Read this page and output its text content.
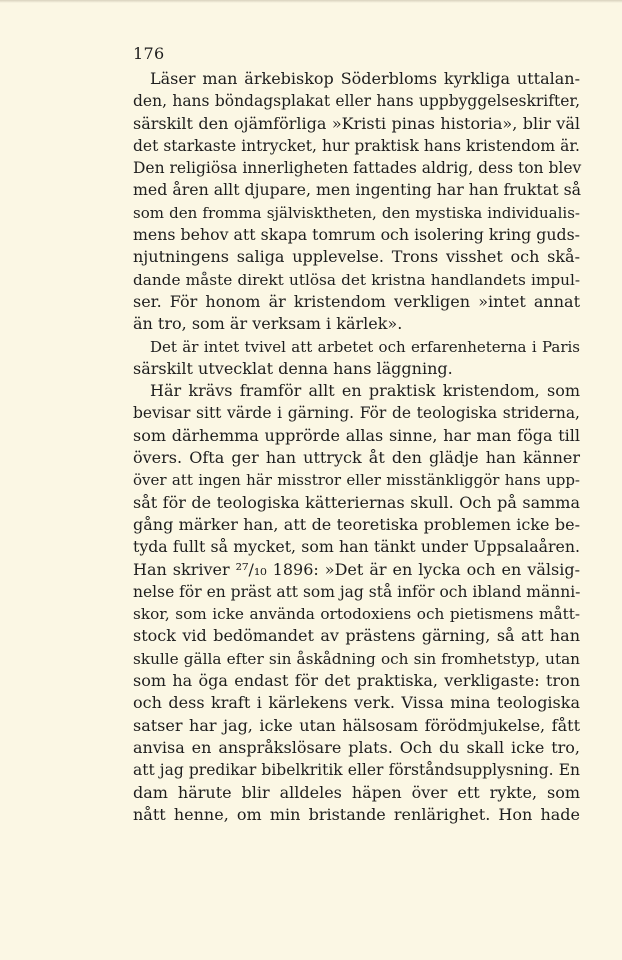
176
Läser man ärkebiskop Söderbloms kyrkliga uttalan-
den, hans böndagsplakat eller hans uppbyggelseskrifter,
särskilt den ojämförliga »Kristi pinas historia», blir väl
det starkaste intrycket, hur praktisk hans kristendom är.
Den religiösa innerligheten fattades aldrig, dess ton blev
med åren allt djupare, men ingenting har han fruktat så
som den fromma självisktheten, den mystiska individualis-
mens behov att skapa tomrum och isolering kring guds-
njutningens saliga upplevelse. Trons visshet och skå-
dande måste direkt utlösa det kristna handlandets impul-
ser. För honom är kristendom verkligen »intet annat
än tro, som är verksam i kärlek».
Det är intet tvivel att arbetet och erfarenheterna i Paris
särskilt utvecklat denna hans läggning.
Här krävs framför allt en praktisk kristendom, som
bevisar sitt värde i gärning. För de teologiska striderna,
som därhemma upprörde allas sinne, har man föga till
övers. Ofta ger han uttryck åt den glädje han känner
över att ingen här misstror eller misstänkliggör hans upp-
såt för de teologiska kätteriernas skull. Och på samma
gång märker han, att de teoretiska problemen icke be-
tyda fullt så mycket, som han tänkt under Uppsalaåren.
Han skriver ²⁷/₁₀ 1896: »Det är en lycka och en välsig-
nelse för en präst att som jag stå inför och ibland männi-
skor, som icke använda ortodoxiens och pietismens mått-
stock vid bedömandet av prästens gärning, så att han
skulle gälla efter sin åskådning och sin fromhetstyp, utan
som ha öga endast för det praktiska, verkligaste: tron
och dess kraft i kärlekens verk. Vissa mina teologiska
satser har jag, icke utan hälsosam förödmjukelse, fått
anvisa en anspråkslösare plats. Och du skall icke tro,
att jag predikar bibelkritik eller förståndsupplysning. En
dam härute blir alldeles häpen över ett rykte, som
nått henne, om min bristande renlärighet. Hon hade
